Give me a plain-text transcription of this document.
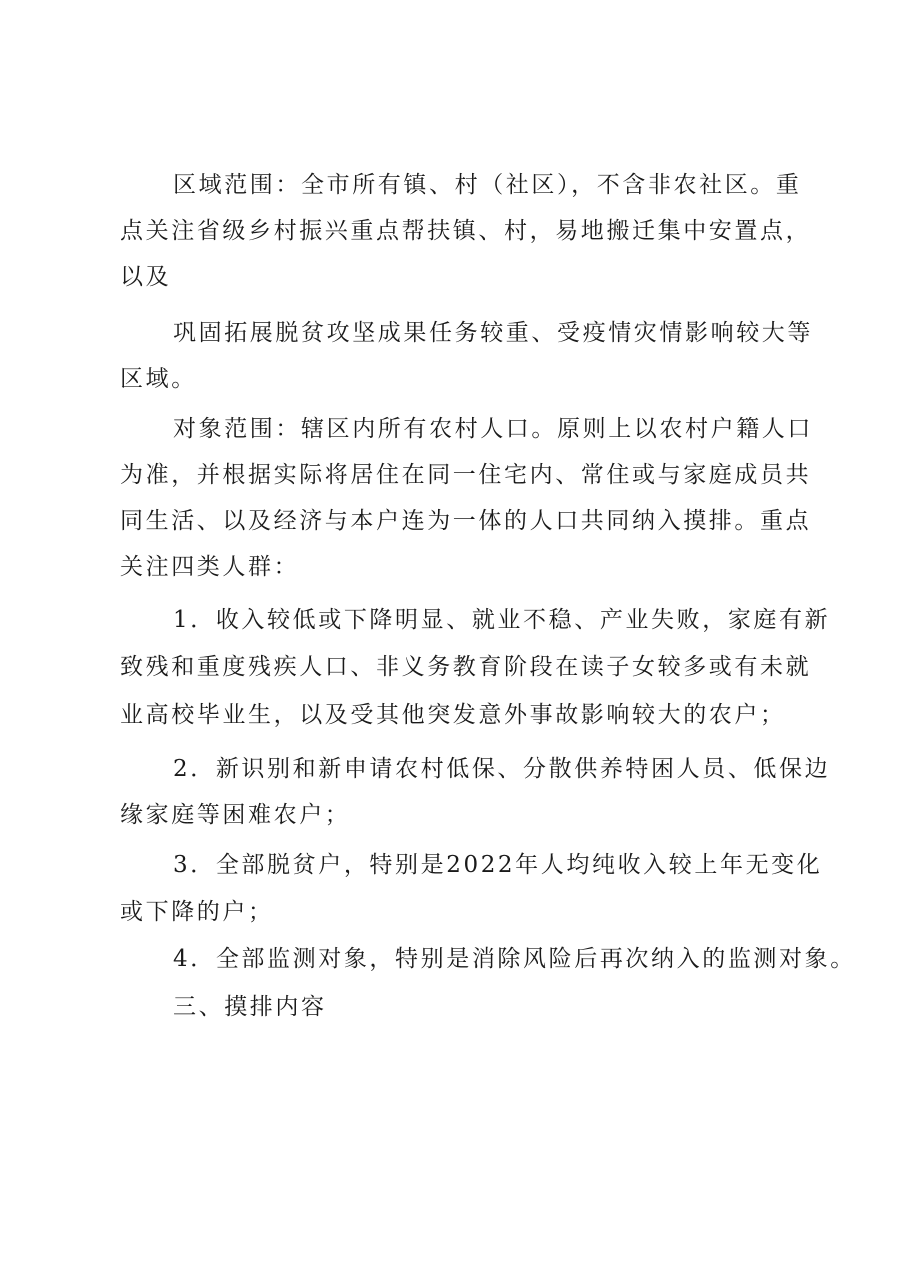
区域范围：全市所有镇、村（社区），不含非农社区。重
点关注省级乡村振兴重点帮扶镇、村，易地搬迁集中安置点，
以及
巩固拓展脱贫攻坚成果任务较重、受疫情灾情影响较大等
区域。
对象范围：辖区内所有农村人口。原则上以农村户籍人口
为准，并根据实际将居住在同一住宅内、常住或与家庭成员共
同生活、以及经济与本户连为一体的人口共同纳入摸排。重点
关注四类人群：
1．收入较低或下降明显、就业不稳、产业失败，家庭有新
致残和重度残疾人口、非义务教育阶段在读子女较多或有未就
业高校毕业生，以及受其他突发意外事故影响较大的农户；
2．新识别和新申请农村低保、分散供养特困人员、低保边
缘家庭等困难农户；
3．全部脱贫户，特别是2022年人均纯收入较上年无变化
或下降的户；
4．全部监测对象，特别是消除风险后再次纳入的监测对象。
三、摸排内容
